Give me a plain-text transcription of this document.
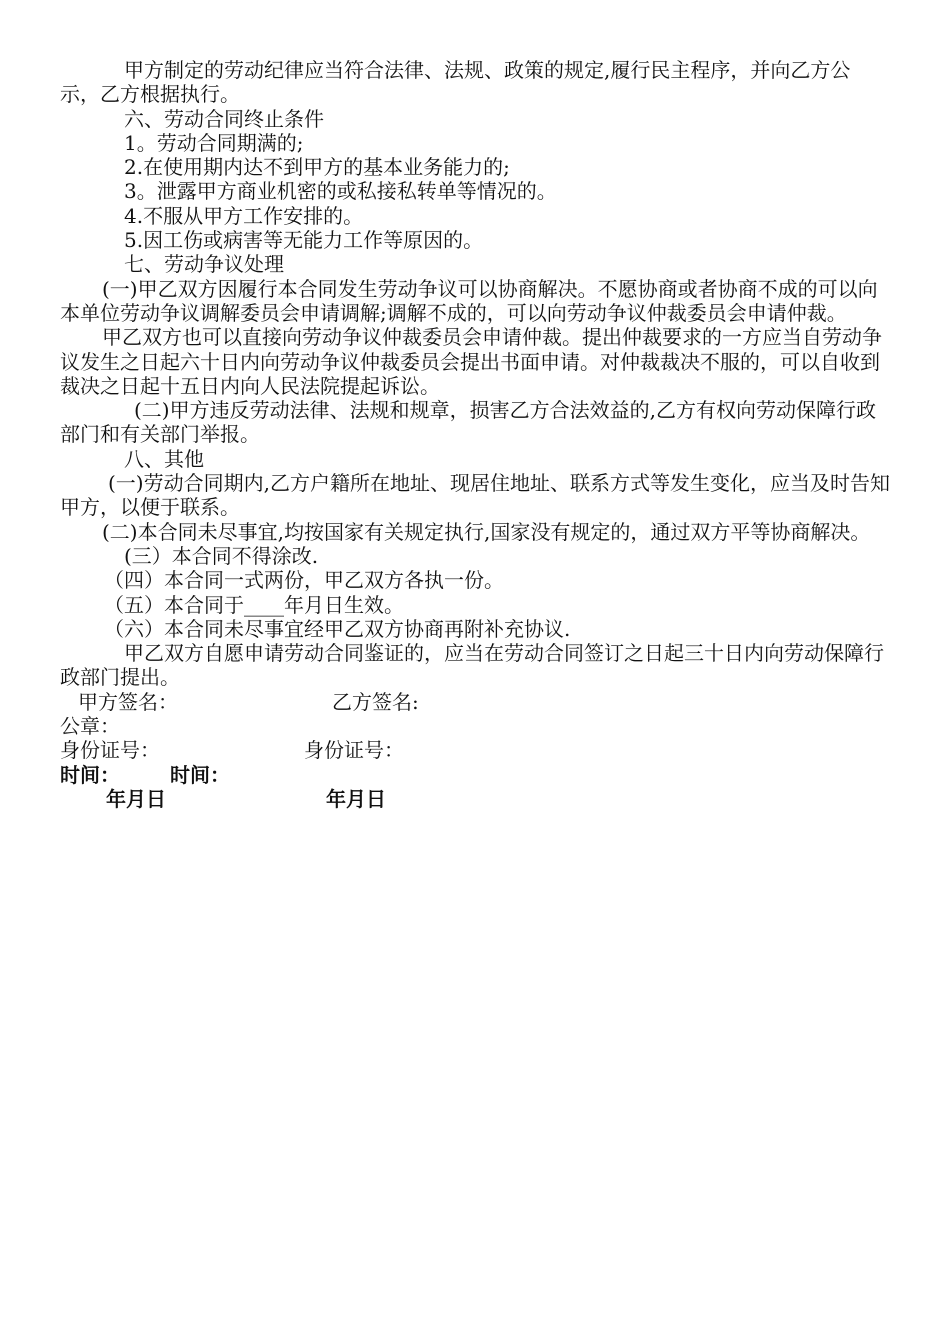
甲方制定的劳动纪律应当符合法律、法规、政策的规定,履行民主程序，并向乙方公示，乙方根据执行。
六、劳动合同终止条件
1。劳动合同期满的;
2.在使用期内达不到甲方的基本业务能力的;
3。泄露甲方商业机密的或私接私转单等情况的。
4.不服从甲方工作安排的。
5.因工伤或病害等无能力工作等原因的。
七、劳动争议处理
(一)甲乙双方因履行本合同发生劳动争议可以协商解决。不愿协商或者协商不成的可以向本单位劳动争议调解委员会申请调解;调解不成的，可以向劳动争议仲裁委员会申请仲裁。
甲乙双方也可以直接向劳动争议仲裁委员会申请仲裁。提出仲裁要求的一方应当自劳动争议发生之日起六十日内向劳动争议仲裁委员会提出书面申请。对仲裁裁决不服的，可以自收到裁决之日起十五日内向人民法院提起诉讼。
(二)甲方违反劳动法律、法规和规章，损害乙方合法效益的,乙方有权向劳动保障行政部门和有关部门举报。
八、其他
(一)劳动合同期内,乙方户籍所在地址、现居住地址、联系方式等发生变化，应当及时告知甲方，以便于联系。
(二)本合同未尽事宜,均按国家有关规定执行,国家没有规定的，通过双方平等协商解决。
(三）本合同不得涂改.
（四）本合同一式两份，甲乙双方各执一份。
（五）本合同于____年月日生效。
（六）本合同未尽事宜经甲乙双方协商再附补充协议.
甲乙双方自愿申请劳动合同鉴证的，应当在劳动合同签订之日起三十日内向劳动保障行政部门提出。
甲方签名：	乙方签名:
公章：
身份证号：	身份证号：
时间：	时间：
年月日	年月日
